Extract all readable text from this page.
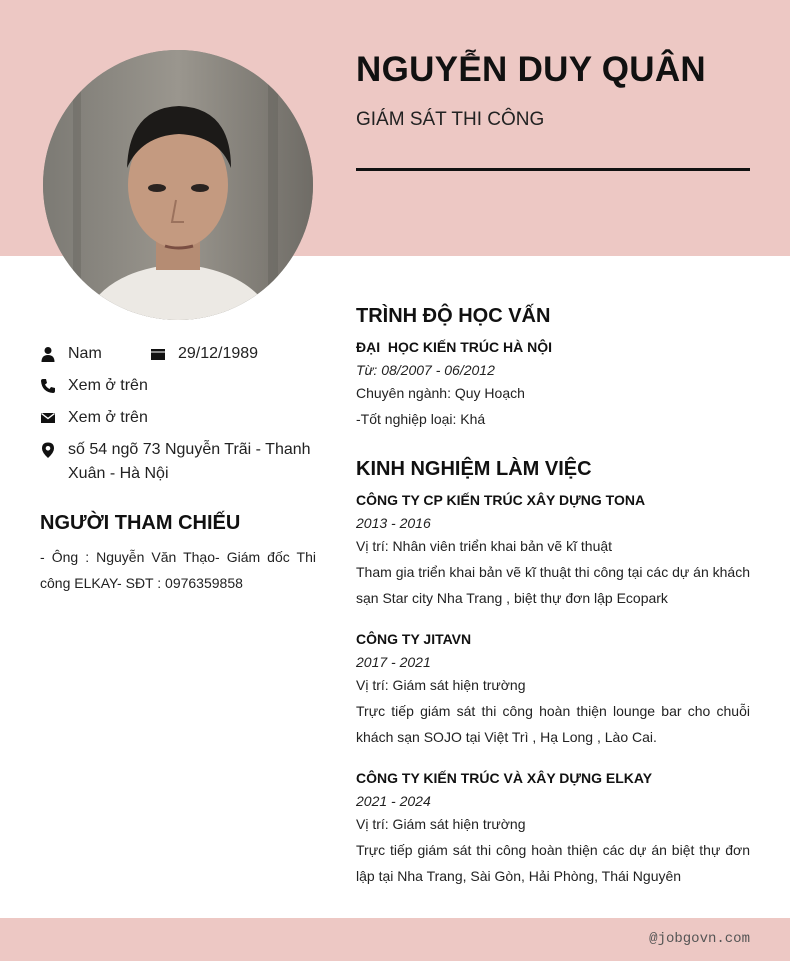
NGUYỄN DUY QUÂN
GIÁM SÁT THI CÔNG
Nam	29/12/1989
Xem ở trên
Xem ở trên
số 54 ngõ 73 Nguyễn Trãi - Thanh Xuân - Hà Nội
NGƯỜI THAM CHIẾU
- Ông : Nguyễn Văn Thạo- Giám đốc Thi công ELKAY- SĐT : 0976359858
TRÌNH ĐỘ HỌC VẤN
ĐẠI  HỌC KIẾN TRÚC HÀ NỘI
Từ: 08/2007 - 06/2012
Chuyên ngành: Quy Hoạch
-Tốt nghiệp loại: Khá
KINH NGHIỆM LÀM VIỆC
CÔNG TY CP KIẾN TRÚC XÂY DỰNG TONA
2013 - 2016
Vị trí: Nhân viên triển khai bản vẽ kĩ thuật
Tham gia triển khai bản vẽ kĩ thuật thi công tại các dự án khách sạn Star city Nha Trang , biệt thự đơn lập Ecopark
CÔNG TY JITAVN
2017 - 2021
Vị trí: Giám sát hiện trường
Trực tiếp giám sát thi công hoàn thiện lounge bar cho chuỗi khách sạn SOJO tại Việt Trì , Hạ Long , Lào Cai.
CÔNG TY KIẾN TRÚC VÀ XÂY DỰNG ELKAY
2021 - 2024
Vị trí: Giám sát hiện trường
Trực tiếp giám sát thi công hoàn thiện các dự án biệt thự đơn lập tại Nha Trang, Sài Gòn, Hải Phòng, Thái Nguyên
@jobgovn.com
